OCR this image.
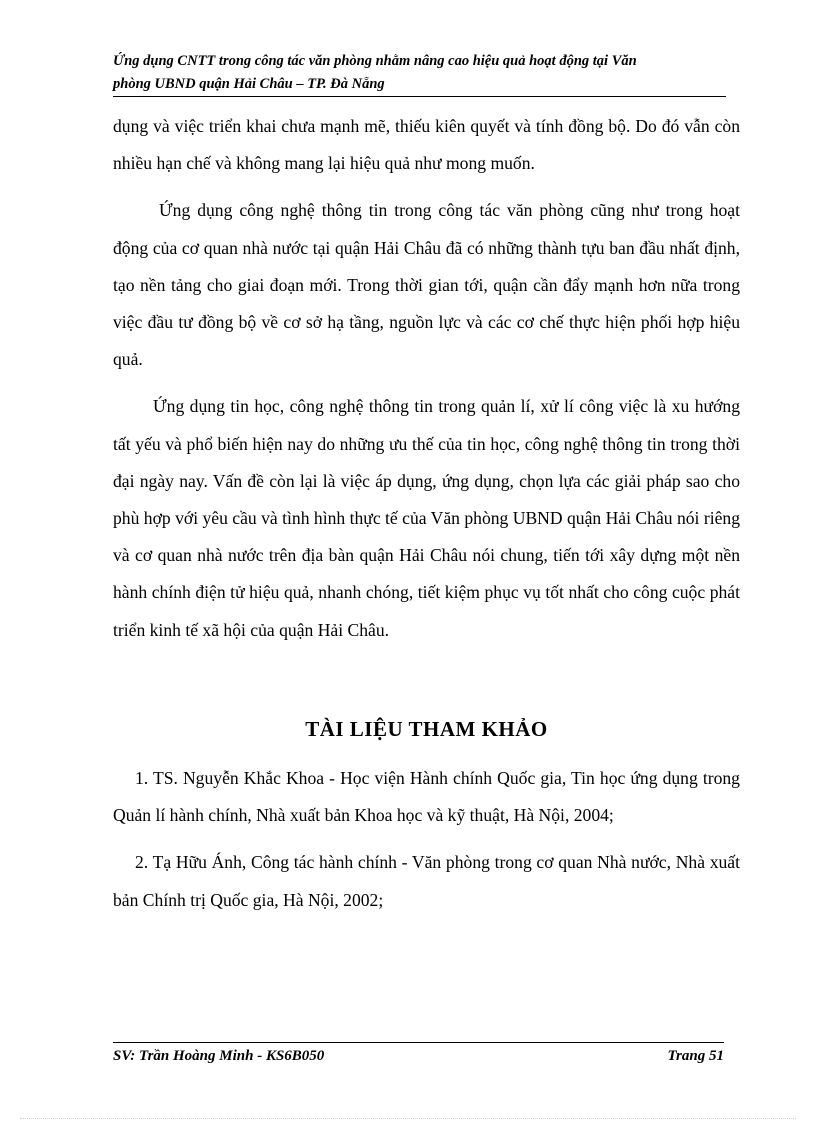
Ứng dụng CNTT trong công tác văn phòng nhằm nâng cao hiệu quả hoạt động tại Văn
phòng UBND quận Hải Châu – TP. Đà Nẵng

dụng và việc triển khai chưa mạnh mẽ, thiếu kiên quyết và tính đồng bộ. Do đó vẫn còn nhiều hạn chế và không mang lại hiệu quả như mong muốn.

Ứng dụng công nghệ thông tin trong công tác văn phòng cũng như trong hoạt động của cơ quan nhà nước tại quận Hải Châu đã có những thành tựu ban đầu nhất định, tạo nền tảng cho giai đoạn mới. Trong thời gian tới, quận cần đẩy mạnh hơn nữa trong việc đầu tư đồng bộ về cơ sở hạ tầng, nguồn lực và các cơ chế thực hiện phối hợp hiệu quả.

Ứng dụng tin học, công nghệ thông tin trong quản lí, xử lí công việc là xu hướng tất yếu và phổ biến hiện nay do những ưu thế của tin học, công nghệ thông tin trong thời đại ngày nay. Vấn đề còn lại là việc áp dụng, ứng dụng, chọn lựa các giải pháp sao cho phù hợp với yêu cầu và tình hình thực tế của Văn phòng UBND quận Hải Châu nói riêng và cơ quan nhà nước trên địa bàn quận Hải Châu nói chung, tiến tới xây dựng một nền hành chính điện tử hiệu quả, nhanh chóng, tiết kiệm phục vụ tốt nhất cho công cuộc phát triển kinh tế xã hội của quận Hải Châu.

TÀI LIỆU THAM KHẢO

1. TS. Nguyễn Khắc Khoa - Học viện Hành chính Quốc gia, Tin học ứng dụng trong Quản lí hành chính, Nhà xuất bản Khoa học và kỹ thuật, Hà Nội, 2004;
2. Tạ Hữu Ánh, Công tác hành chính - Văn phòng trong cơ quan Nhà nước, Nhà xuất bản Chính trị Quốc gia, Hà Nội, 2002;
SV: Trần Hoàng Minh - KS6B050	Trang 51
